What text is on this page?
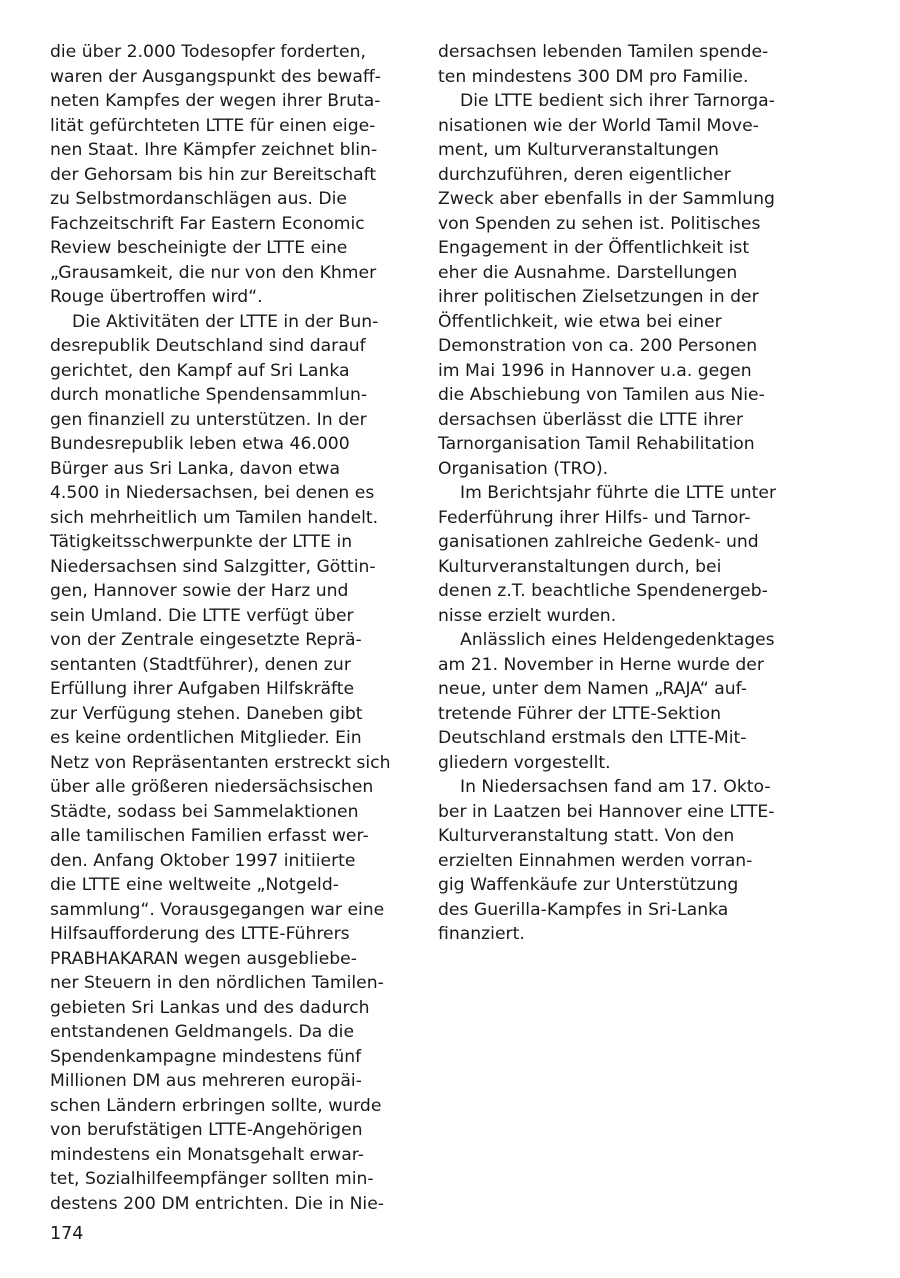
die über 2.000 Todesopfer forderten,
waren der Ausgangspunkt des bewaff-
neten Kampfes der wegen ihrer Bruta-
lität gefürchteten LTTE für einen eige-
nen Staat. Ihre Kämpfer zeichnet blin-
der Gehorsam bis hin zur Bereitschaft
zu Selbstmordanschlägen aus. Die
Fachzeitschrift Far Eastern Economic
Review bescheinigte der LTTE eine
„Grausamkeit, die nur von den Khmer
Rouge übertroffen wird“.
Die Aktivitäten der LTTE in der Bun-
desrepublik Deutschland sind darauf
gerichtet, den Kampf auf Sri Lanka
durch monatliche Spendensammlun-
gen finanziell zu unterstützen. In der
Bundesrepublik leben etwa 46.000
Bürger aus Sri Lanka, davon etwa
4.500 in Niedersachsen, bei denen es
sich mehrheitlich um Tamilen handelt.
Tätigkeitsschwerpunkte der LTTE in
Niedersachsen sind Salzgitter, Göttin-
gen, Hannover sowie der Harz und
sein Umland. Die LTTE verfügt über
von der Zentrale eingesetzte Reprä-
sentanten (Stadtführer), denen zur
Erfüllung ihrer Aufgaben Hilfskräfte
zur Verfügung stehen. Daneben gibt
es keine ordentlichen Mitglieder. Ein
Netz von Repräsentanten erstreckt sich
über alle größeren niedersächsischen
Städte, sodass bei Sammelaktionen
alle tamilischen Familien erfasst wer-
den. Anfang Oktober 1997 initiierte
die LTTE eine weltweite „Notgeld-
sammlung“. Vorausgegangen war eine
Hilfsaufforderung des LTTE-Führers
PRABHAKARAN wegen ausgebliebe-
ner Steuern in den nördlichen Tamilen-
gebieten Sri Lankas und des dadurch
entstandenen Geldmangels. Da die
Spendenkampagne mindestens fünf
Millionen DM aus mehreren europäi-
schen Ländern erbringen sollte, wurde
von berufstätigen LTTE-Angehörigen
mindestens ein Monatsgehalt erwar-
tet, Sozialhilfeempfänger sollten min-
destens 200 DM entrichten. Die in Nie-
dersachsen lebenden Tamilen spende-
ten mindestens 300 DM pro Familie.
Die LTTE bedient sich ihrer Tarnorga-
nisationen wie der World Tamil Move-
ment, um Kulturveranstaltungen
durchzuführen, deren eigentlicher
Zweck aber ebenfalls in der Sammlung
von Spenden zu sehen ist. Politisches
Engagement in der Öffentlichkeit ist
eher die Ausnahme. Darstellungen
ihrer politischen Zielsetzungen in der
Öffentlichkeit, wie etwa bei einer
Demonstration von ca. 200 Personen
im Mai 1996 in Hannover u.a. gegen
die Abschiebung von Tamilen aus Nie-
dersachsen überlässt die LTTE ihrer
Tarnorganisation Tamil Rehabilitation
Organisation (TRO).
Im Berichtsjahr führte die LTTE unter
Federführung ihrer Hilfs- und Tarnor-
ganisationen zahlreiche Gedenk- und
Kulturveranstaltungen durch, bei
denen z.T. beachtliche Spendenergeb-
nisse erzielt wurden.
Anlässlich eines Heldengedenktages
am 21. November in Herne wurde der
neue, unter dem Namen „RAJA“ auf-
tretende Führer der LTTE-Sektion
Deutschland erstmals den LTTE-Mit-
gliedern vorgestellt.
In Niedersachsen fand am 17. Okto-
ber in Laatzen bei Hannover eine LTTE-
Kulturveranstaltung statt. Von den
erzielten Einnahmen werden vorran-
gig Waffenkäufe zur Unterstützung
des Guerilla-Kampfes in Sri-Lanka
finanziert.
174
